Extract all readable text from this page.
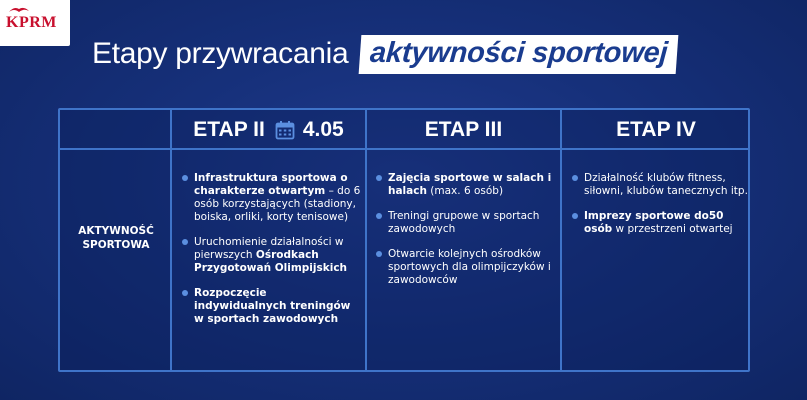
KPRM
Etapy przywracania aktywności sportowej
ETAP II 4.05	ETAP III	ETAP IV
AKTYWNOŚĆ
SPORTOWA
Infrastruktura sportowa o charakterze otwartym – do 6 osób korzystających (stadiony, boiska, orliki, korty tenisowe)
Uruchomienie działalności w pierwszych Ośrodkach Przygotowań Olimpijskich
Rozpoczęcie indywidualnych treningów w sportach zawodowych
Zajęcia sportowe w salach i halach (max. 6 osób)
Treningi grupowe w sportach zawodowych
Otwarcie kolejnych ośrodków sportowych dla olimpijczyków i zawodowców
Działalność klubów fitness, siłowni, klubów tanecznych itp.
Imprezy sportowe do50 osób w przestrzeni otwartej
